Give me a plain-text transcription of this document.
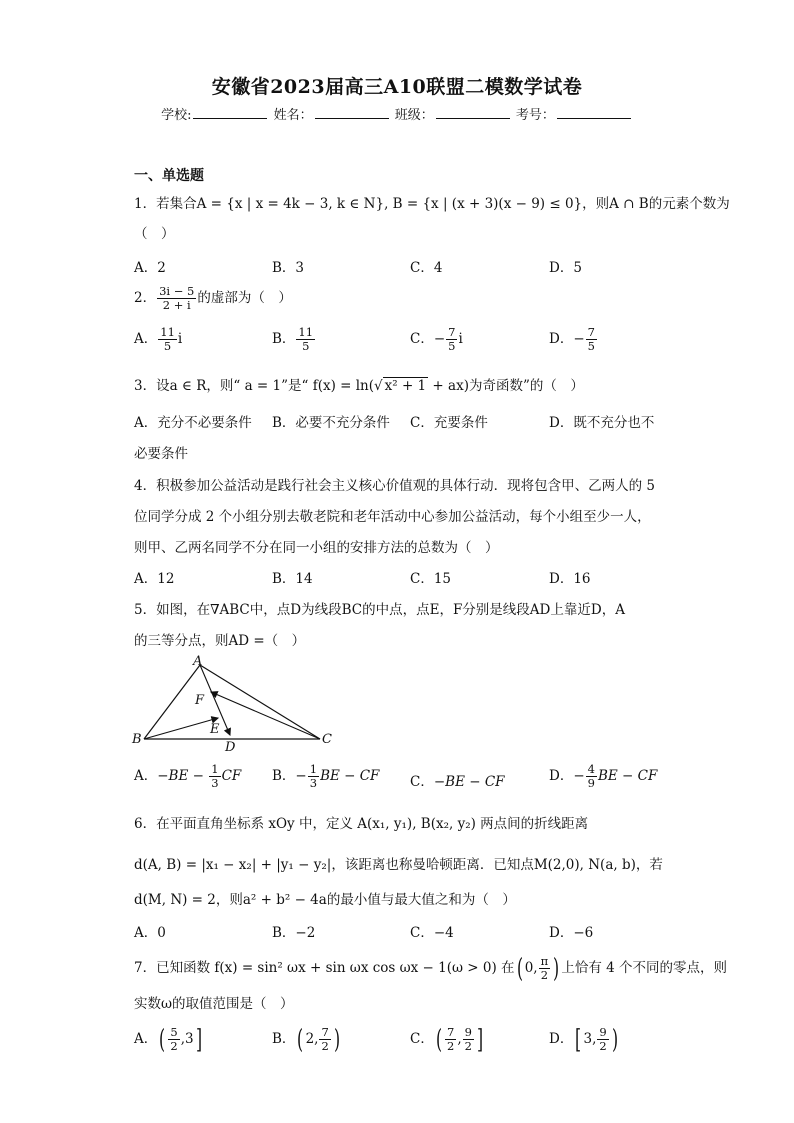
安徽省2023届高三A10联盟二模数学试卷
学校:	姓名：	班级：	考号：
一、单选题
1．若集合A = {x | x = 4k − 3, k ∈ N}, B = {x | (x + 3)(x − 9) ≤ 0}，则A ∩ B的元素个数为
（　）
A．2	B．3	C．4	D．5
2． $\frac{3i - 5}{2 + i}$ 的虚部为（　）
A． $\frac{11}{5}$ i	B． $\frac{11}{5}$	C．− $\frac{7}{5}$ i	D．− $\frac{7}{5}$
3．设a ∈ R，则“ a = 1”是“ f(x) = ln(√ x² + 1 + ax)为奇函数”的（　）
A．充分不必要条件 B．必要不充分条件 C．充要条件	D．既不充分也不
必要条件
4．积极参加公益活动是践行社会主义核心价值观的具体行动．现将包含甲、乙两人的 5
位同学分成 2 个小组分别去敬老院和老年活动中心参加公益活动，每个小组至少一人，
则甲、乙两名同学不分在同一小组的安排方法的总数为（　）
A．12	B．14	C．15	D．16
5．如图，在∇ABC中，点D为线段BC的中点，点E，F分别是线段AD上靠近D，A
的三等分点，则AD =（　）
A
B	C
D
E
F
A．$-BE - \frac{1}{3}$ CF B．− $\frac{1}{3}$ BE − CF C．−BE − CF	D．− $\frac{4}{9}$ BE − CF
6．在平面直角坐标系 xOy 中，定义 A(x₁, y₁), B(x₂, y₂) 两点间的折线距离
d(A, B) = |x₁ − x₂| + |y₁ − y₂|，该距离也称曼哈顿距离．已知点M(2,0), N(a, b)，若
d(M, N) = 2，则a² + b² − 4a的最小值与最大值之和为（　）
A．0	B．−2	C．−4	D．−6
7．已知函数 f(x) = sin² ωx + sin ωx cos ωx − 1(ω > 0) 在( 0, $\frac{\pi}{2}$ ) 上恰有 4 个不同的零点，则
实数ω的取值范围是（　）
A．( $\frac{5}{2} ,3$]	B．( 2, $\frac{7}{2}$ )	C．( $\frac{7}{2}$ , $\frac{9}{2}$ ]	D．[ 3, $\frac{9}{2}$ )
